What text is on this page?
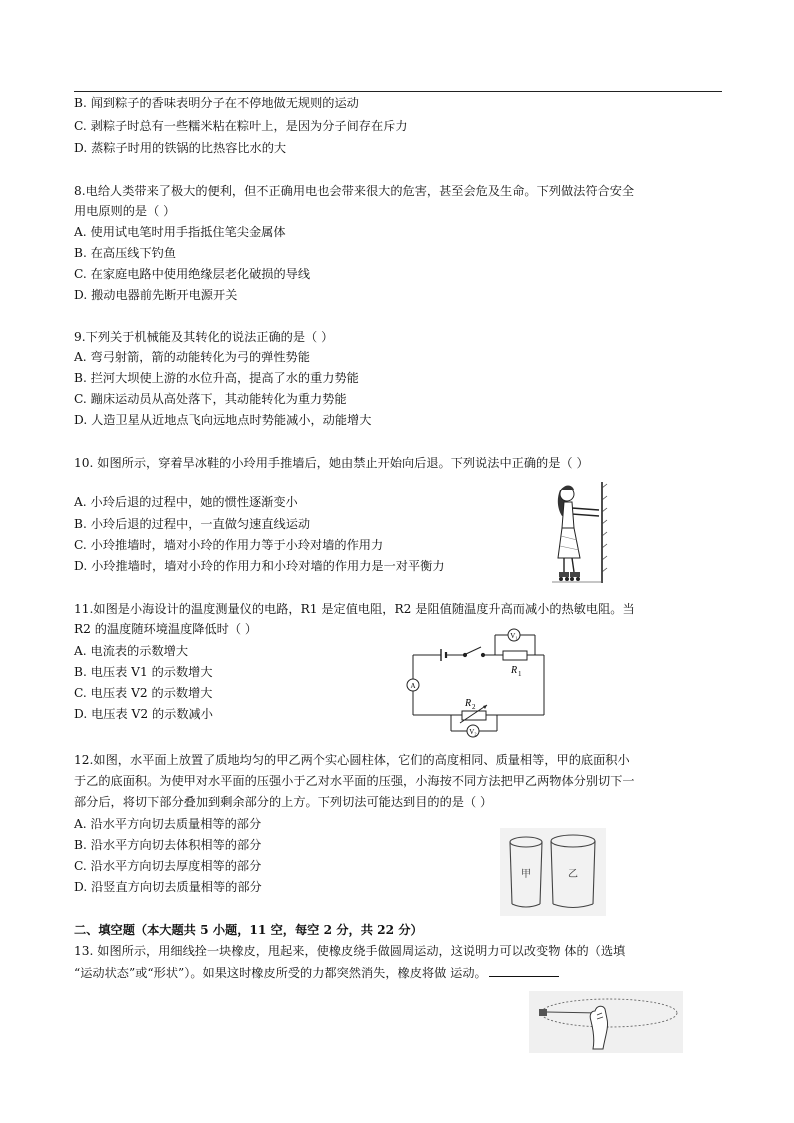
B. 闻到粽子的香味表明分子在不停地做无规则的运动
C. 剥粽子时总有一些糯米粘在粽叶上，是因为分子间存在斥力
D. 蒸粽子时用的铁锅的比热容比水的大
8.电给人类带来了极大的便利，但不正确用电也会带来很大的危害，甚至会危及生命。下列做法符合安全
用电原则的是（ ）
A. 使用试电笔时用手指抵住笔尖金属体
B. 在高压线下钓鱼
C. 在家庭电路中使用绝缘层老化破损的导线
D. 搬动电器前先断开电源开关
9.下列关于机械能及其转化的说法正确的是（ ）
A. 弯弓射箭，箭的动能转化为弓的弹性势能
B. 拦河大坝使上游的水位升高，提高了水的重力势能
C. 蹦床运动员从高处落下，其动能转化为重力势能
D. 人造卫星从近地点飞向远地点时势能减小，动能增大
10. 如图所示，穿着旱冰鞋的小玲用手推墙后，她由禁止开始向后退。下列说法中正确的是（ ）
A. 小玲后退的过程中，她的惯性逐渐变小
B. 小玲后退的过程中，一直做匀速直线运动
C. 小玲推墙时，墙对小玲的作用力等于小玲对墙的作用力
D. 小玲推墙时，墙对小玲的作用力和小玲对墙的作用力是一对平衡力
11.如图是小海设计的温度测量仪的电路，R1 是定值电阻，R2 是阻值随温度升高而减小的热敏电阻。当
R2 的温度随环境温度降低时（ ）
A. 电流表的示数增大
B. 电压表 V1 的示数增大
C. 电压表 V2 的示数增大
D. 电压表 V2 的示数减小
V₁
A
V₂
R 1
R 2
12.如图，水平面上放置了质地均匀的甲乙两个实心圆柱体，它们的高度相同、质量相等，甲的底面积小
于乙的底面积。为使甲对水平面的压强小于乙对水平面的压强，小海按不同方法把甲乙两物体分别切下一
部分后，将切下部分叠加到剩余部分的上方。下列切法可能达到目的的是（ ）
A. 沿水平方向切去质量相等的部分
B. 沿水平方向切去体积相等的部分
C. 沿水平方向切去厚度相等的部分
D. 沿竖直方向切去质量相等的部分
甲	乙
二、填空题（本大题共 5 小题，11 空，每空 2 分，共 22 分）
13. 如图所示，用细线拴一块橡皮，甩起来，使橡皮绕手做圆周运动，这说明力可以改变物 体的（选填
“运动状态”或“形状”）。如果这时橡皮所受的力都突然消失，橡皮将做 运动。
